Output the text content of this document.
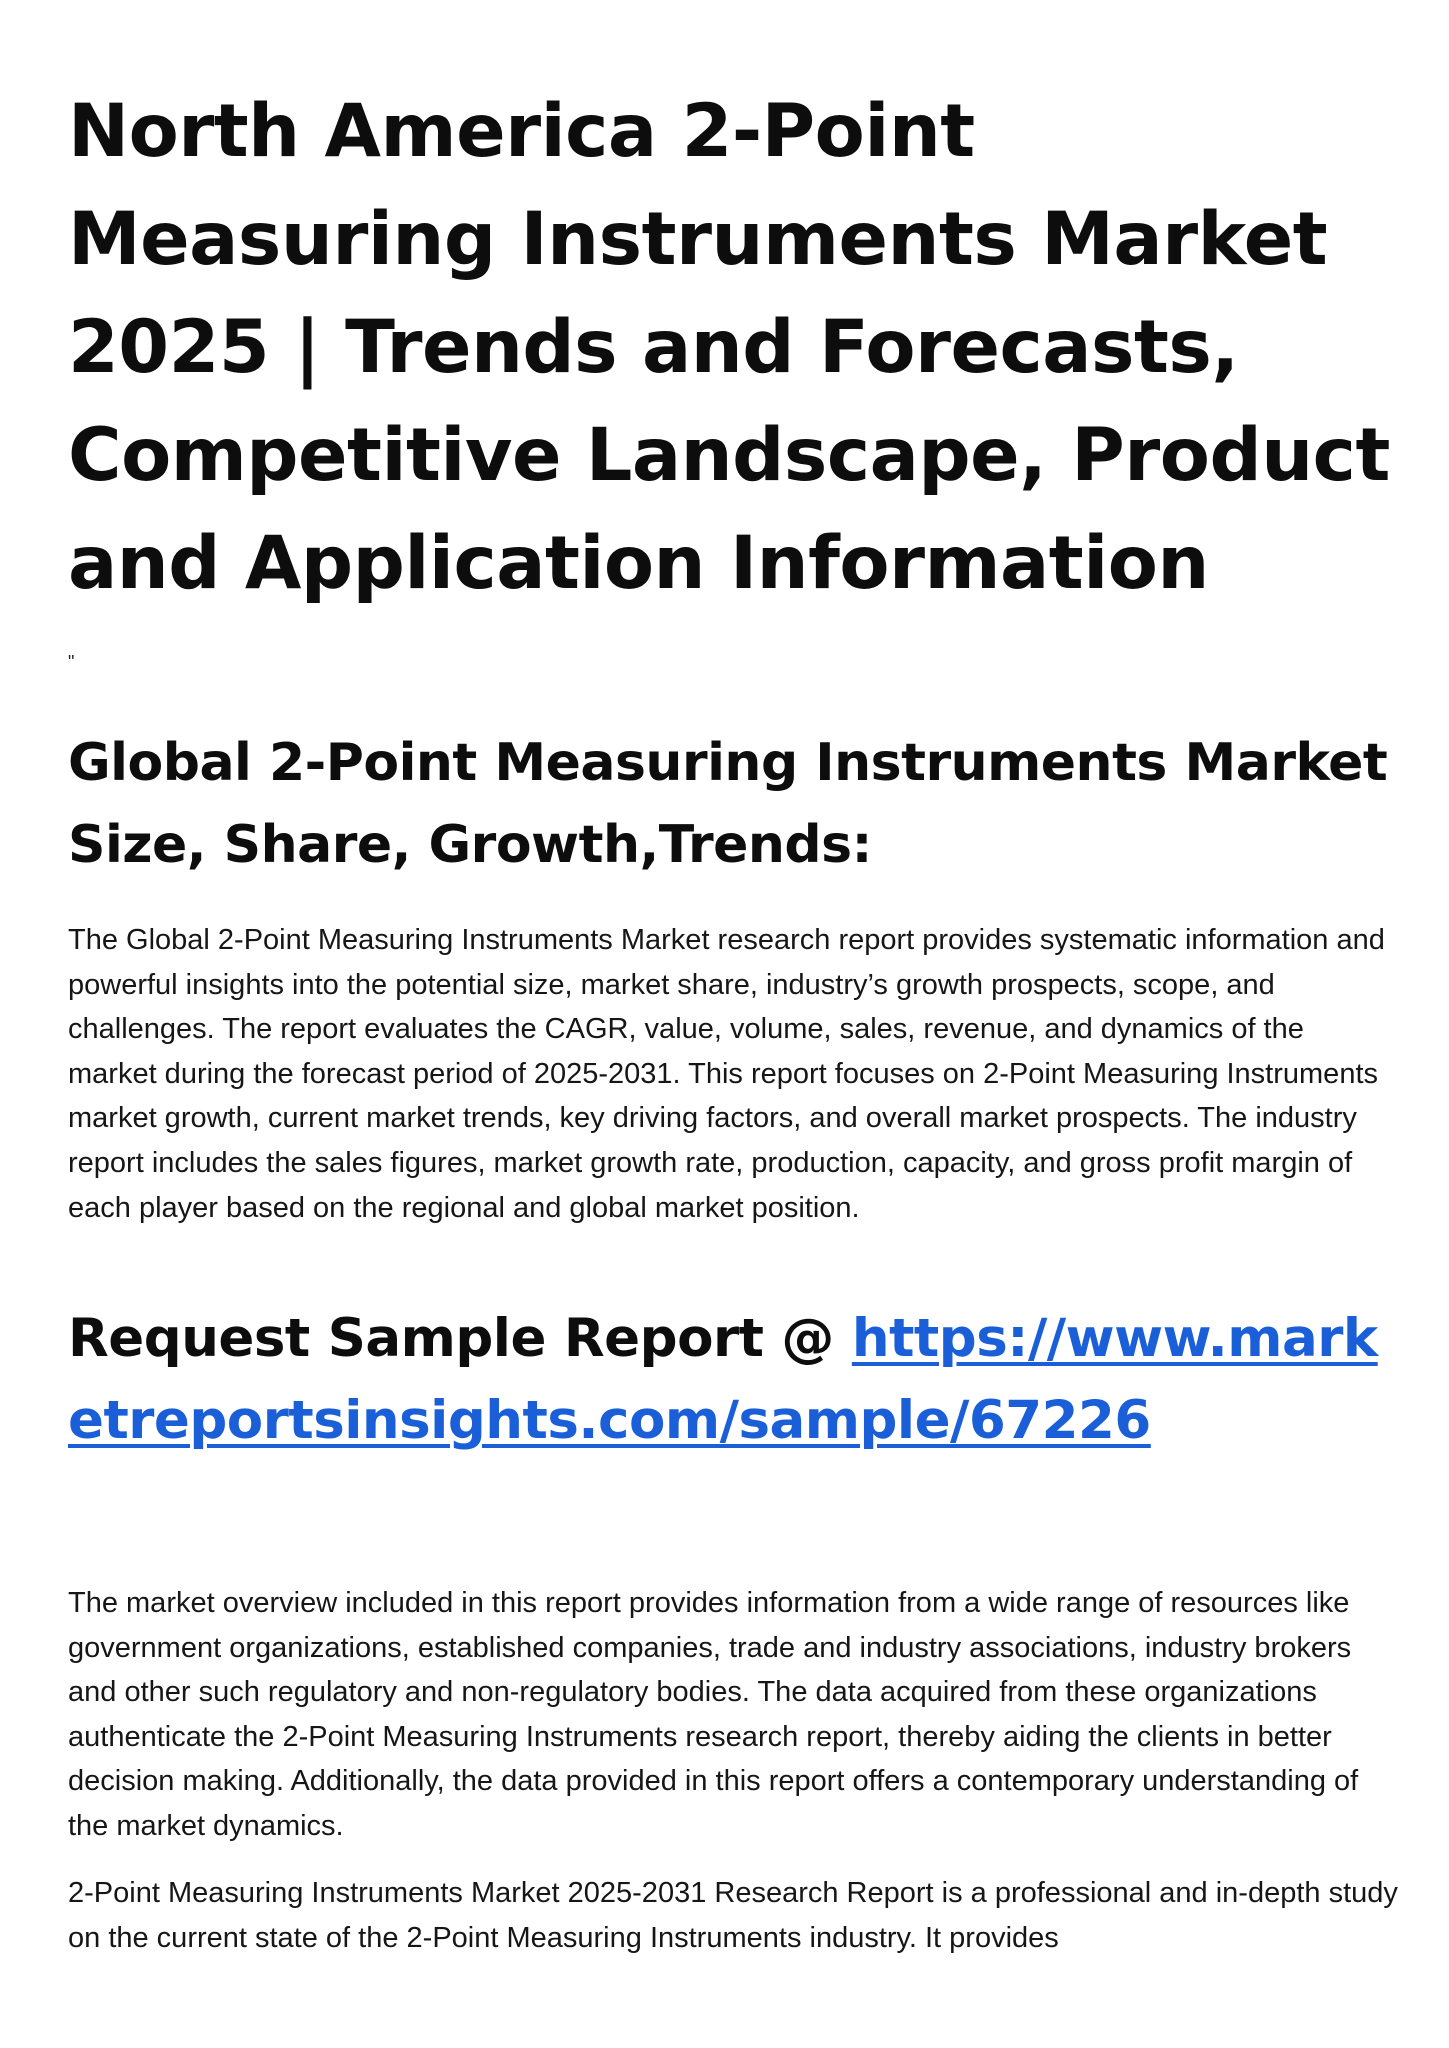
North America 2-Point Measuring Instruments Market 2025 | Trends and Forecasts, Competitive Landscape, Product and Application Information
"
Global 2-Point Measuring Instruments Market Size, Share, Growth,Trends:

The Global 2-Point Measuring Instruments Market research report provides systematic information and powerful insights into the potential size, market share, industry’s growth prospects, scope, and challenges. The report evaluates the CAGR, value, volume, sales, revenue, and dynamics of the market during the forecast period of 2025-2031. This report focuses on 2-Point Measuring Instruments market growth, current market trends, key driving factors, and overall market prospects. The industry report includes the sales figures, market growth rate, production, capacity, and gross profit margin of each player based on the regional and global market position.

Request Sample Report @ https://www.marketreportsinsights.com/sample/67226

The market overview included in this report provides information from a wide range of resources like government organizations, established companies, trade and industry associations, industry brokers and other such regulatory and non-regulatory bodies. The data acquired from these organizations authenticate the 2-Point Measuring Instruments research report, thereby aiding the clients in better decision making. Additionally, the data provided in this report offers a contemporary understanding of the market dynamics.

2-Point Measuring Instruments Market 2025-2031 Research Report is a professional and in-depth study on the current state of the 2-Point Measuring Instruments industry. It provides
